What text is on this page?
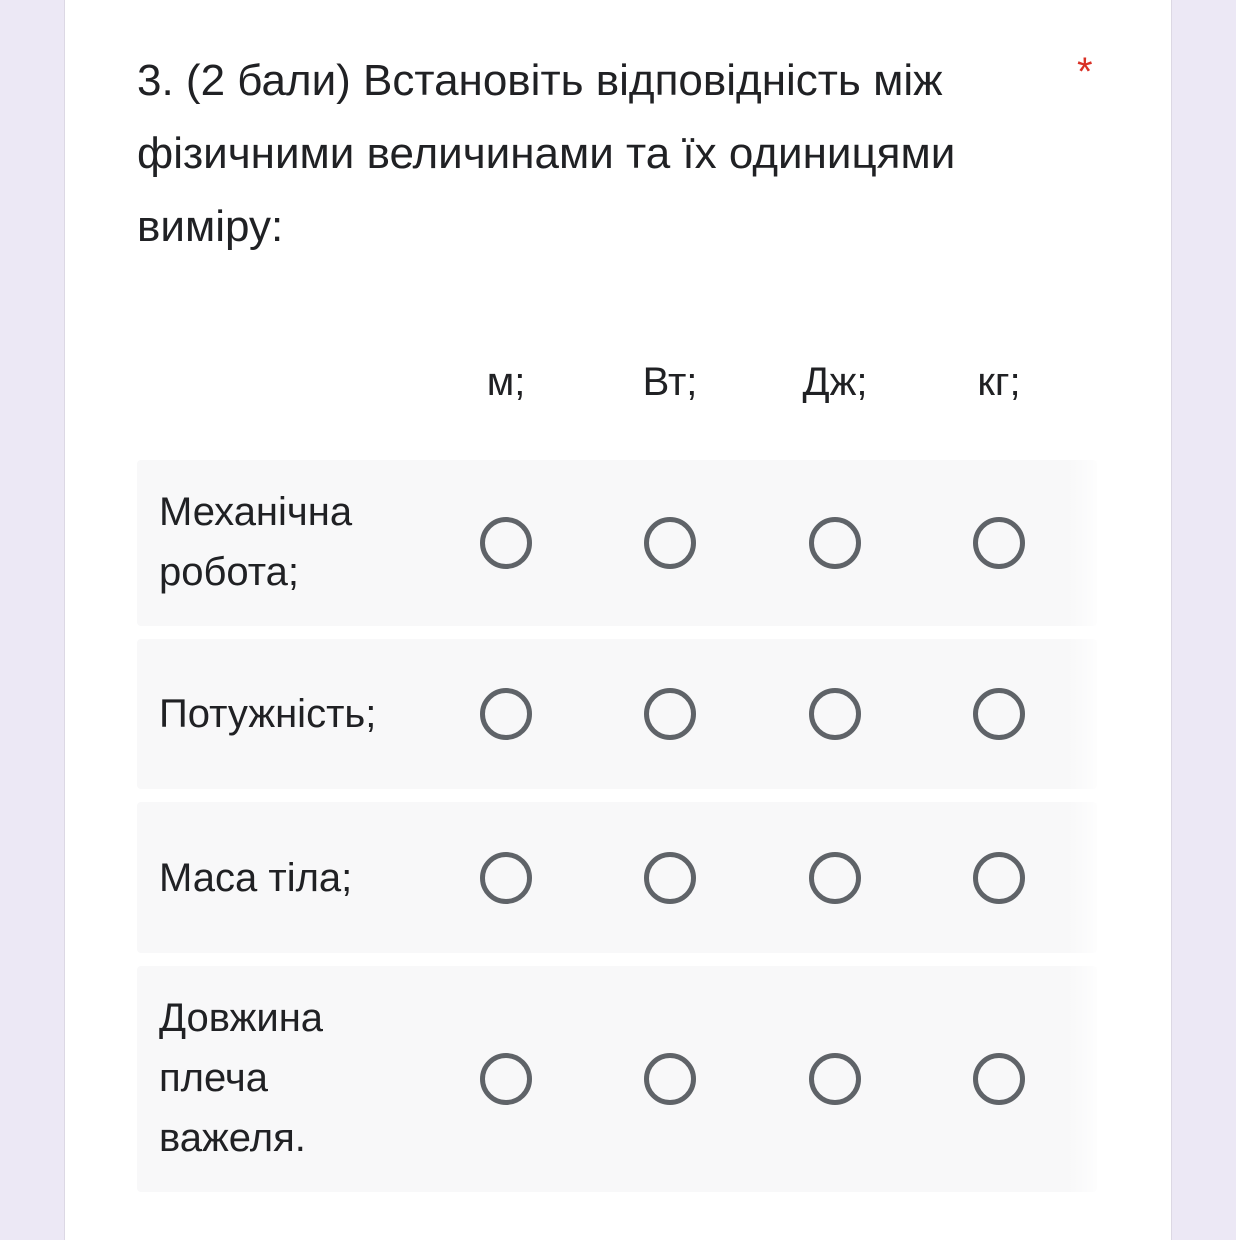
3. (2 бали) Встановіть відповідність між фізичними величинами та їх одиницями виміру:
*
м;	Вт;	Дж;	кг;
Механічна робота;
Потужність;
Маса тіла;
Довжина плеча важеля.
